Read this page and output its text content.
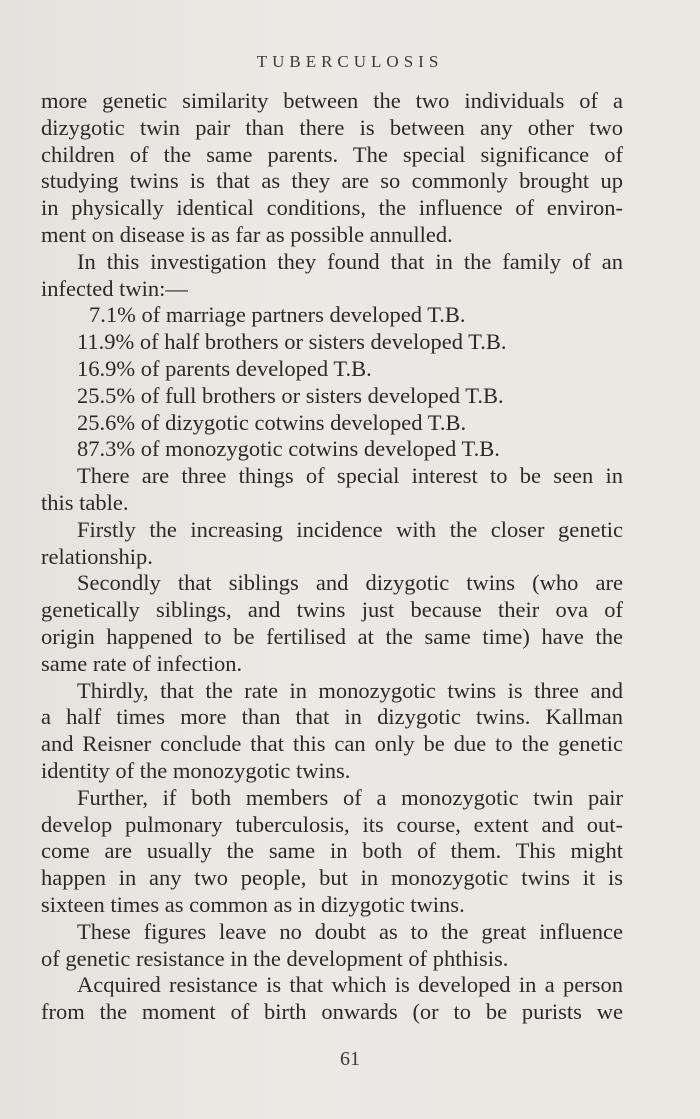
TUBERCULOSIS
more genetic similarity between the two individuals of a
dizygotic twin pair than there is between any other two
children of the same parents. The special significance of
studying twins is that as they are so commonly brought up
in physically identical conditions, the influence of environ-
ment on disease is as far as possible annulled.
In this investigation they found that in the family of an
infected twin:—
7.1% of marriage partners developed T.B.
11.9% of half brothers or sisters developed T.B.
16.9% of parents developed T.B.
25.5% of full brothers or sisters developed T.B.
25.6% of dizygotic cotwins developed T.B.
87.3% of monozygotic cotwins developed T.B.
There are three things of special interest to be seen in
this table.
Firstly the increasing incidence with the closer genetic
relationship.
Secondly that siblings and dizygotic twins (who are
genetically siblings, and twins just because their ova of
origin happened to be fertilised at the same time) have the
same rate of infection.
Thirdly, that the rate in monozygotic twins is three and
a half times more than that in dizygotic twins. Kallman
and Reisner conclude that this can only be due to the genetic
identity of the monozygotic twins.
Further, if both members of a monozygotic twin pair
develop pulmonary tuberculosis, its course, extent and out-
come are usually the same in both of them. This might
happen in any two people, but in monozygotic twins it is
sixteen times as common as in dizygotic twins.
These figures leave no doubt as to the great influence
of genetic resistance in the development of phthisis.
Acquired resistance is that which is developed in a person
from the moment of birth onwards (or to be purists we
61
